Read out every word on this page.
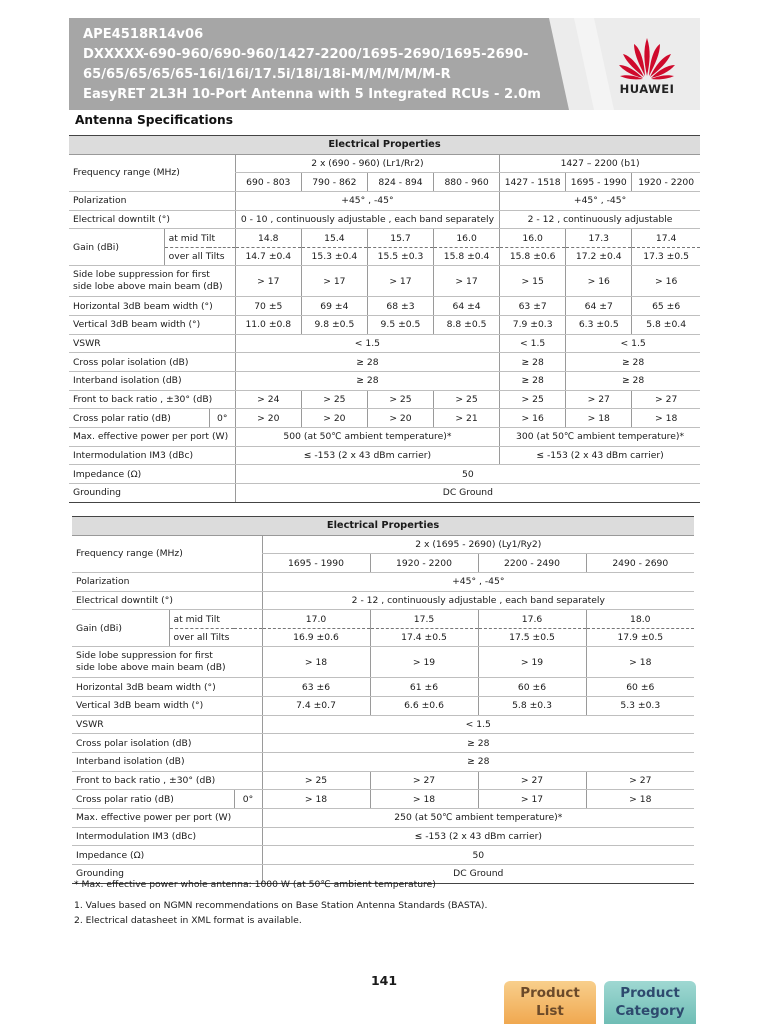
APE4518R14v06
DXXXXX-690-960/690-960/1427-2200/1695-2690/1695-2690-
65/65/65/65/65-16i/16i/17.5i/18i/18i-M/M/M/M/M-R
EasyRET 2L3H 10-Port Antenna with 5 Integrated RCUs - 2.0m	HUAWEI
Antenna Specifications
Electrical Properties									
Frequency range (MHz)			2 x (690 - 960) (Lr1/Rr2)				1427 – 2200 (b1)		
			690 - 803	790 - 862	824 - 894	880 - 960	1427 - 1518	1695 - 1990	1920 - 2200
Polarization			+45° , -45°				+45° , -45°		
Electrical downtilt (°)			0 - 10 , continuously adjustable , each band separately				2 - 12 , continuously adjustable		
Gain (dBi)	at mid Tilt		14.8	15.4	15.7	16.0	16.0	17.3	17.4
	over all Tilts		14.7 ±0.4	15.3 ±0.4	15.5 ±0.3	15.8 ±0.4	15.8 ±0.6	17.2 ±0.4	17.3 ±0.5
Side lobe suppression for first
side lobe above main beam (dB)			> 17	> 17	> 17	> 17	> 15	> 16	> 16
Horizontal 3dB beam width (°)			70 ±5	69 ±4	68 ±3	64 ±4	63 ±7	64 ±7	65 ±6
Vertical 3dB beam width (°)			11.0 ±0.8	9.8 ±0.5	9.5 ±0.5	8.8 ±0.5	7.9 ±0.3	6.3 ±0.5	5.8 ±0.4
VSWR			< 1.5				< 1.5	< 1.5	
Cross polar isolation (dB)			≥ 28				≥ 28	≥ 28	
Interband isolation (dB)			≥ 28				≥ 28	≥ 28	
Front to back ratio , ±30° (dB)			> 24	> 25	> 25	> 25	> 25	> 27	> 27
Cross polar ratio (dB)		0°	> 20	> 20	> 20	> 21	> 16	> 18	> 18
Max. effective power per port (W)			500 (at 50℃ ambient temperature)*				300 (at 50℃ ambient temperature)*		
Intermodulation IM3 (dBc)			≤ -153 (2 x 43 dBm carrier)				≤ -153 (2 x 43 dBm carrier)		
Impedance (Ω)			50						
Grounding			DC Ground						
Electrical Properties						
Frequency range (MHz)			2 x (1695 - 2690) (Ly1/Ry2)			
			1695 - 1990	1920 - 2200	2200 - 2490	2490 - 2690
Polarization			+45° , -45°			
Electrical downtilt (°)			2 - 12 , continuously adjustable , each band separately			
Gain (dBi)	at mid Tilt		17.0	17.5	17.6	18.0
	over all Tilts		16.9 ±0.6	17.4 ±0.5	17.5 ±0.5	17.9 ±0.5
Side lobe suppression for first
side lobe above main beam (dB)			> 18	> 19	> 19	> 18
Horizontal 3dB beam width (°)			63 ±6	61 ±6	60 ±6	60 ±6
Vertical 3dB beam width (°)			7.4 ±0.7	6.6 ±0.6	5.8 ±0.3	5.3 ±0.3
VSWR			< 1.5			
Cross polar isolation (dB)			≥ 28			
Interband isolation (dB)			≥ 28			
Front to back ratio , ±30° (dB)			> 25	> 27	> 27	> 27
Cross polar ratio (dB)		0°	> 18	> 18	> 17	> 18
Max. effective power per port (W)			250 (at 50℃ ambient temperature)*			
Intermodulation IM3 (dBc)			≤ -153 (2 x 43 dBm carrier)			
Impedance (Ω)			50			
Grounding			DC Ground			
* Max. effective power whole antenna: 1000 W (at 50℃ ambient temperature)
1. Values based on NGMN recommendations on Base Station Antenna Standards (BASTA).
2. Electrical datasheet in XML format is available.
141
Product
List
Product
Category
